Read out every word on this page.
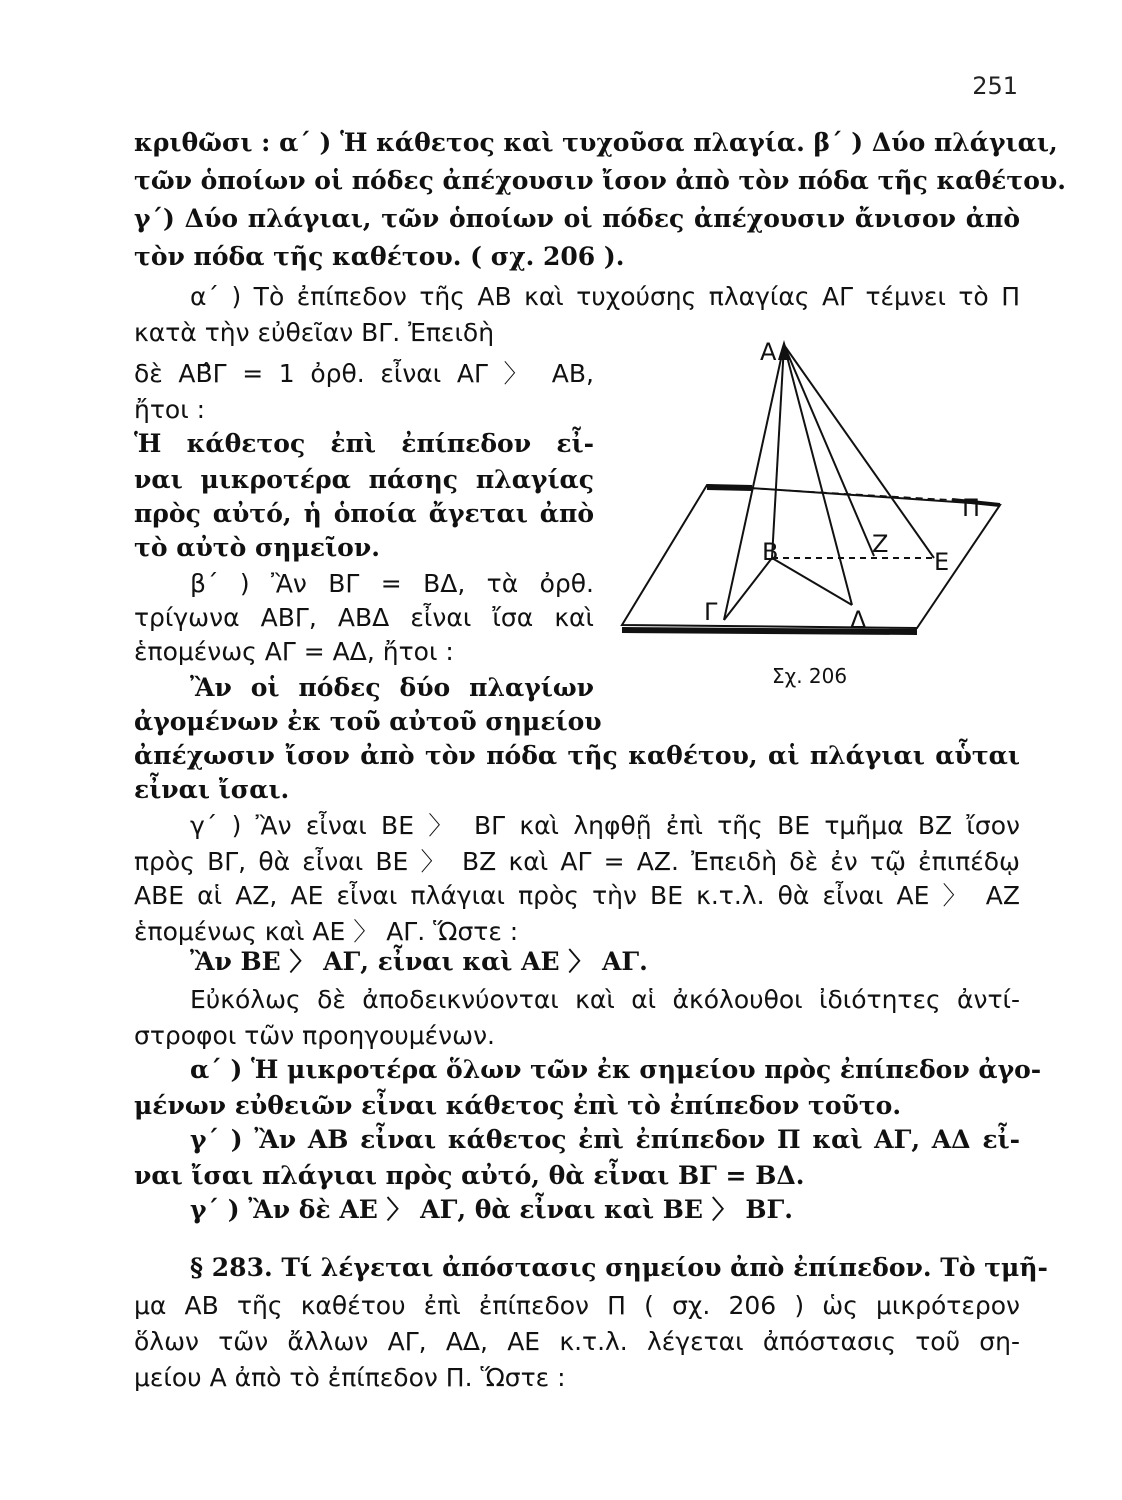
251
κριθῶσι : α΄ ) Ἡ κάθετος καὶ τυχοῦσα πλαγία. β΄ ) Δύο πλάγιαι,
τῶν ὁποίων οἱ πόδες ἀπέχουσιν ἴσον ἀπὸ τὸν πόδα τῆς καθέτου.
γ΄) Δύο πλάγιαι, τῶν ὁποίων οἱ πόδες ἀπέχουσιν ἄνισον ἀπὸ
τὸν πόδα τῆς καθέτου. ( σχ. 206 ).
α΄ ) Τὸ ἐπίπεδον τῆς ΑΒ καὶ τυχούσης πλαγίας ΑΓ τέμνει τὸ Π
κατὰ τὴν εὐθεῖαν ΒΓ. Ἐπειδὴ
δὲ ΑΒ̂Γ = 1 ὀρθ. εἶναι ΑΓ 〉 ΑΒ,
ἤτοι :
Ἡ κάθετος ἐπὶ ἐπίπεδον εἶ-
ναι μικροτέρα πάσης πλαγίας
πρὸς αὐτό, ἡ ὁποία ἄγεται ἀπὸ
τὸ αὐτὸ σημεῖον.
β΄ ) Ἂν ΒΓ = ΒΔ, τὰ ὀρθ.
τρίγωνα ΑΒΓ, ΑΒΔ εἶναι ἴσα καὶ
ἑπομένως ΑΓ = ΑΔ, ἤτοι :
Ἂν οἱ πόδες δύο πλαγίων
ἀγομένων ἐκ τοῦ αὐτοῦ σημείου
ἀπέχωσιν ἴσον ἀπὸ τὸν πόδα τῆς καθέτου, αἱ πλάγιαι αὗται
εἶναι ἴσαι.
γ΄ ) Ἂν εἶναι ΒΕ 〉 ΒΓ καὶ ληφθῇ ἐπὶ τῆς ΒΕ τμῆμα ΒΖ ἴσον
πρὸς ΒΓ, θὰ εἶναι ΒΕ 〉 ΒΖ καὶ ΑΓ = ΑΖ. Ἐπειδὴ δὲ ἐν τῷ ἐπιπέδῳ
ΑΒΕ αἱ ΑΖ, ΑΕ εἶναι πλάγιαι πρὸς τὴν ΒΕ κ.τ.λ. θὰ εἶναι ΑΕ 〉 ΑΖ
ἑπομένως καὶ ΑΕ 〉 ΑΓ. Ὥστε :
Ἂν ΒΕ 〉 ΑΓ, εἶναι καὶ ΑΕ 〉 ΑΓ.
Εὐκόλως δὲ ἀποδεικνύονται καὶ αἱ ἀκόλουθοι ἰδιότητες ἀντί-
στροφοι τῶν προηγουμένων.
α΄ ) Ἡ μικροτέρα ὅλων τῶν ἐκ σημείου πρὸς ἐπίπεδον ἀγο-
μένων εὐθειῶν εἶναι κάθετος ἐπὶ τὸ ἐπίπεδον τοῦτο.
γ΄ ) Ἂν ΑΒ εἶναι κάθετος ἐπὶ ἐπίπεδον Π καὶ ΑΓ, ΑΔ εἶ-
ναι ἴσαι πλάγιαι πρὸς αὐτό, θὰ εἶναι ΒΓ = ΒΔ.
γ΄ ) Ἂν δὲ ΑΕ 〉 ΑΓ, θὰ εἶναι καὶ ΒΕ 〉 ΒΓ.
§ 283. Τί λέγεται ἀπόστασις σημείου ἀπὸ ἐπίπεδον. Τὸ τμῆ-
μα ΑΒ τῆς καθέτου ἐπὶ ἐπίπεδον Π ( σχ. 206 ) ὡς μικρότερον
ὅλων τῶν ἄλλων ΑΓ, ΑΔ, ΑΕ κ.τ.λ. λέγεται ἀπόστασις τοῦ ση-
μείου Α ἀπὸ τὸ ἐπίπεδον Π. Ὥστε :
Α
Β
Γ	Δ
Ζ
Ε
Π
Σχ. 206
